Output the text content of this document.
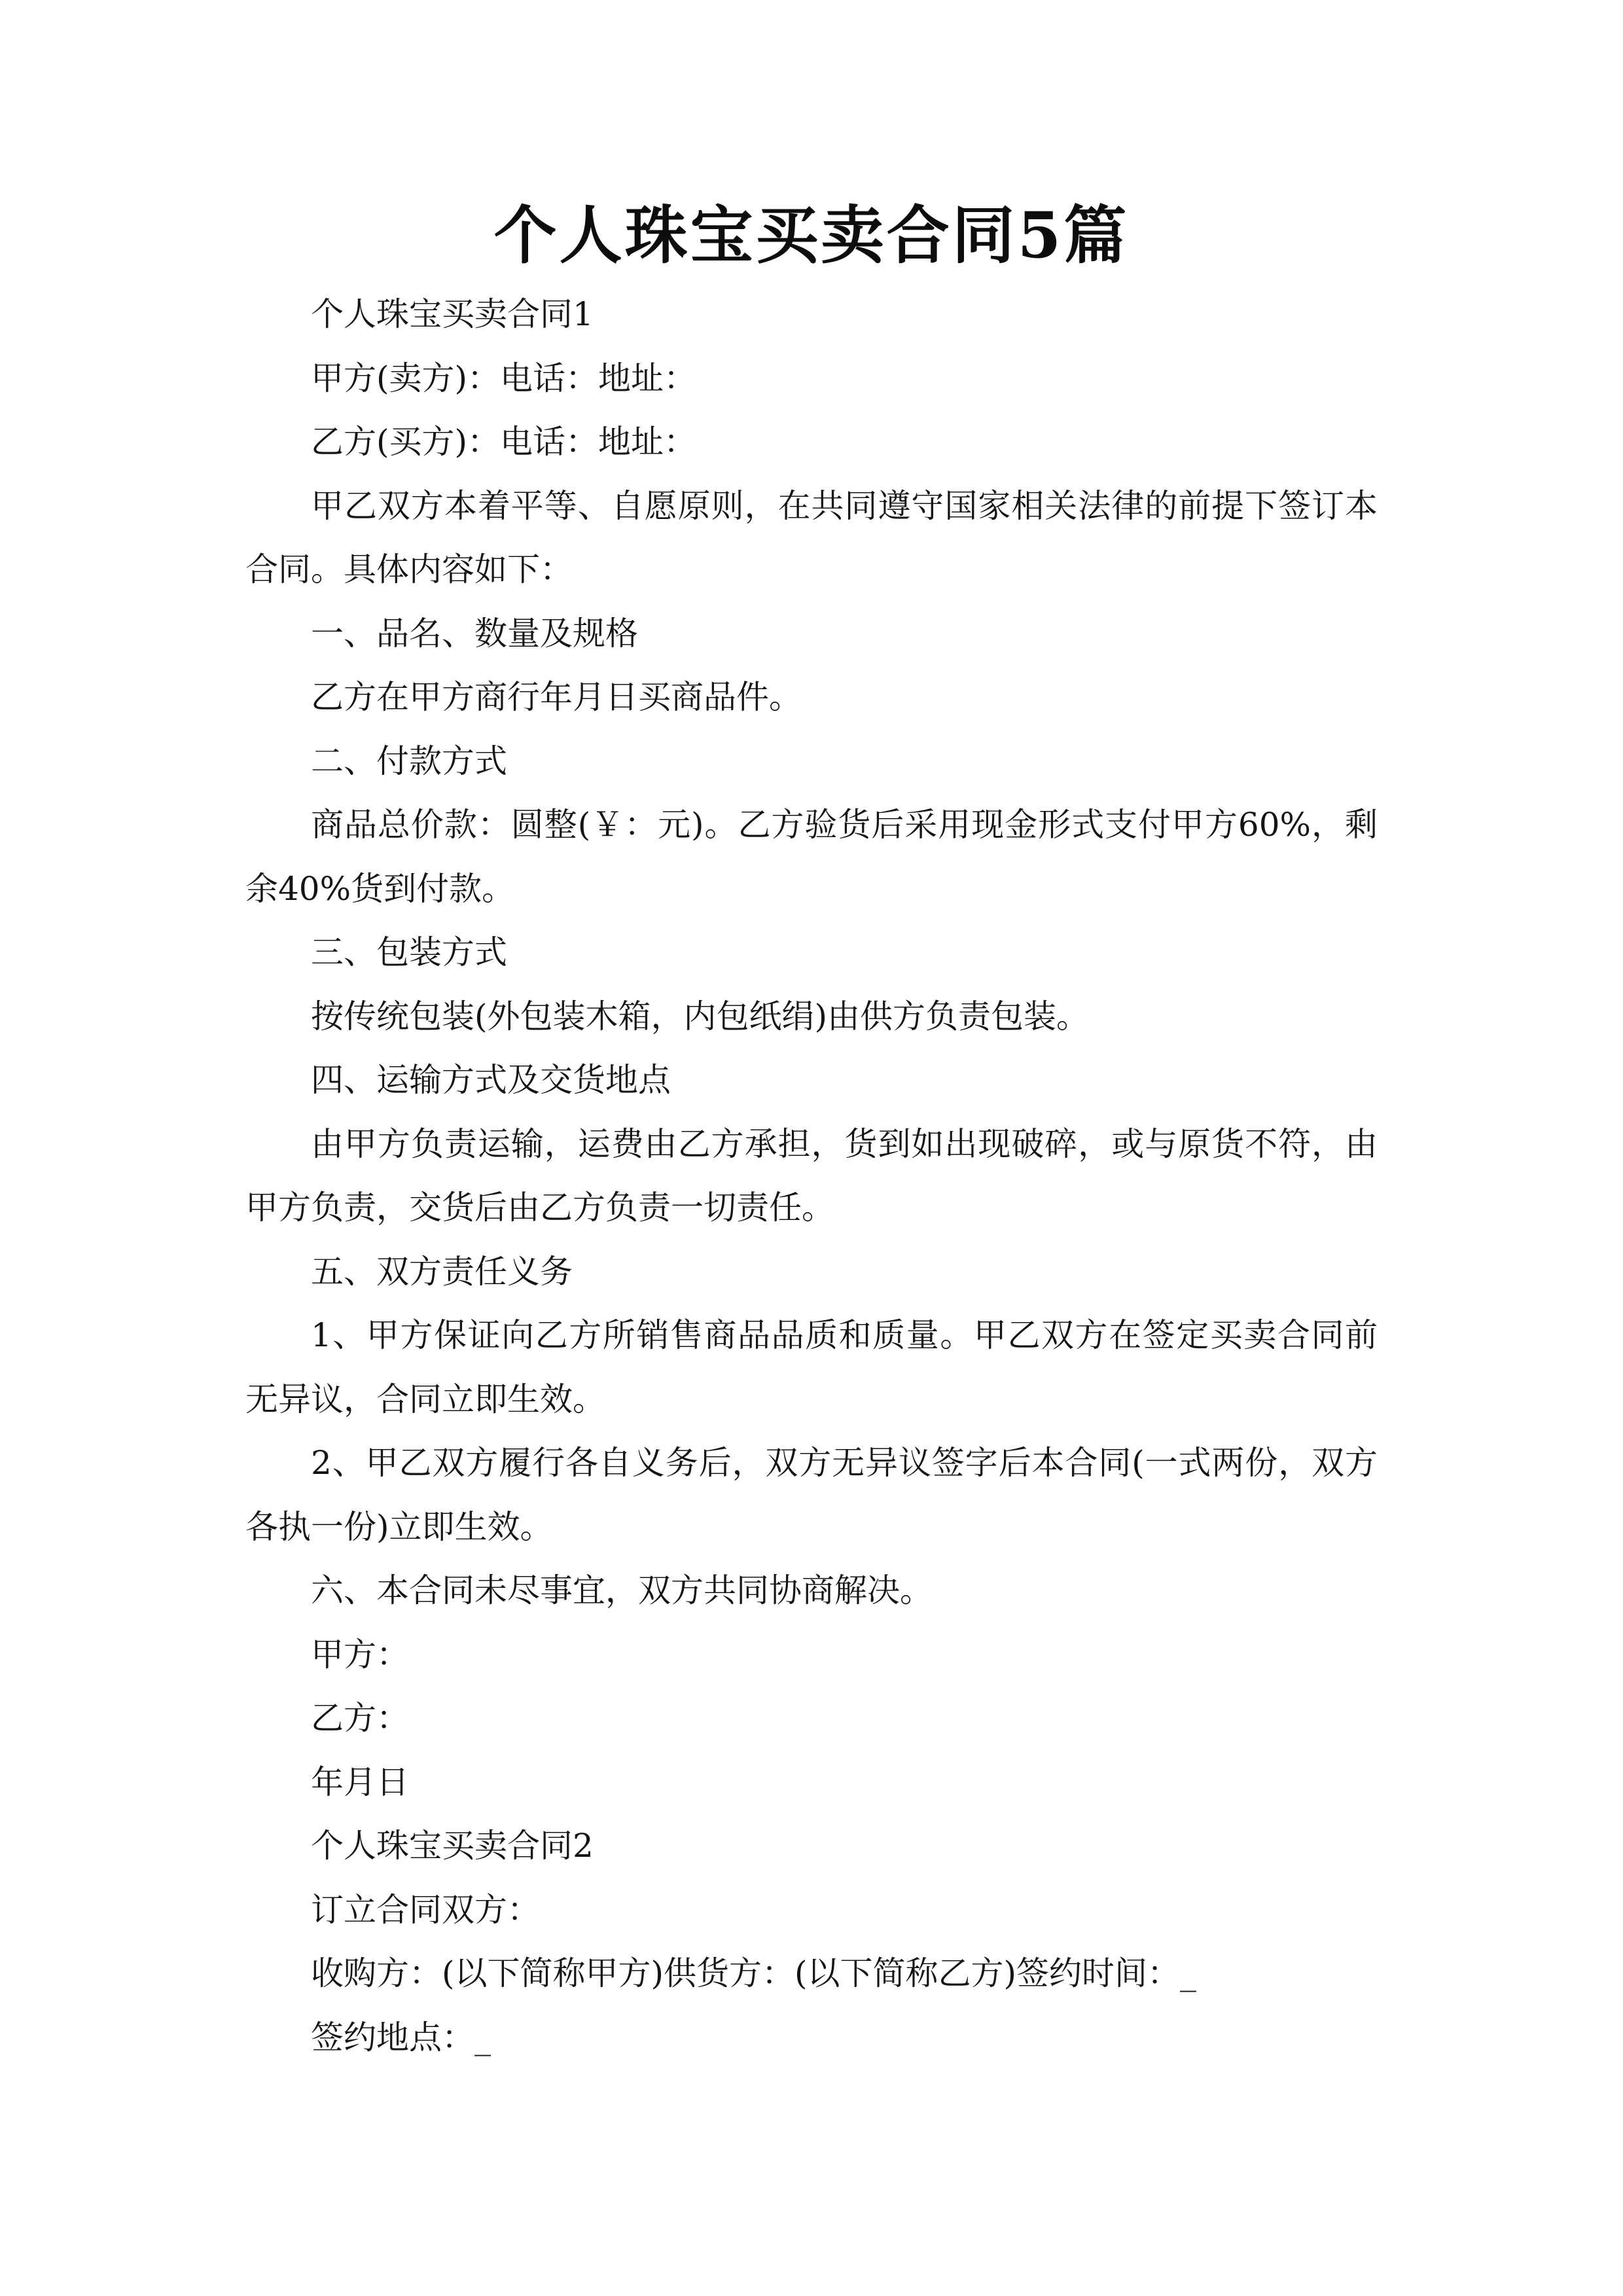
个人珠宝买卖合同5篇

个人珠宝买卖合同1

甲方(卖方)：电话：地址：

乙方(买方)：电话：地址：

甲乙双方本着平等、自愿原则，在共同遵守国家相关法律的前提下签订本合同。具体内容如下：

一、品名、数量及规格

乙方在甲方商行年月日买商品件。

二、付款方式

商品总价款：圆整(￥：元)。乙方验货后采用现金形式支付甲方60%，剩余40%货到付款。

三、包装方式

按传统包装(外包装木箱，内包纸绢)由供方负责包装。

四、运输方式及交货地点

由甲方负责运输，运费由乙方承担，货到如出现破碎，或与原货不符，由甲方负责，交货后由乙方负责一切责任。

五、双方责任义务

1、甲方保证向乙方所销售商品品质和质量。甲乙双方在签定买卖合同前无异议，合同立即生效。

2、甲乙双方履行各自义务后，双方无异议签字后本合同(一式两份，双方各执一份)立即生效。

六、本合同未尽事宜，双方共同协商解决。

甲方：

乙方：

年月日

个人珠宝买卖合同2

订立合同双方：

收购方：(以下简称甲方)供货方：(以下简称乙方)签约时间：_

签约地点：_
